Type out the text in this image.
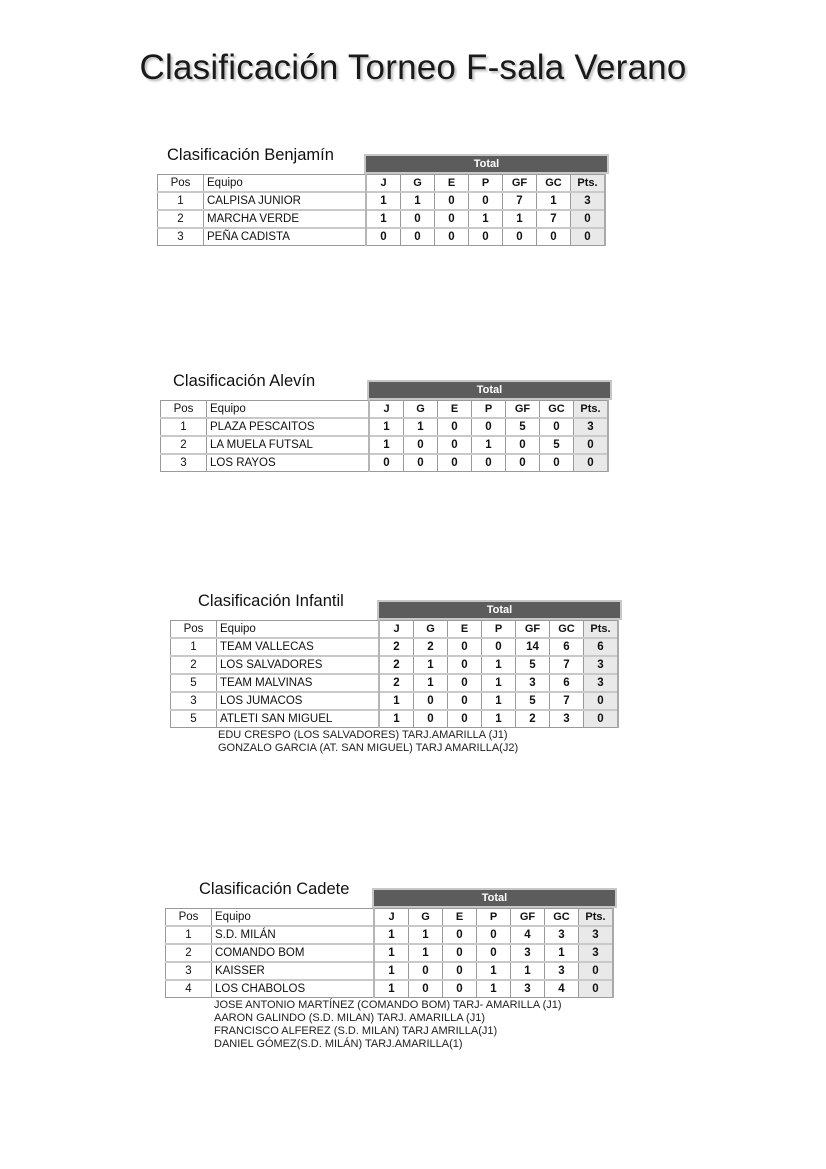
Clasificación Torneo F-sala Verano
Clasificación Benjamín	Total
Pos	Equipo	J	G	E	P	GF	GC	Pts.
1	CALPISA JUNIOR	1	1	0	0	7	1	3
2	MARCHA VERDE	1	0	0	1	1	7	0
3	PEÑA CADISTA	0	0	0	0	0	0	0
Clasificación Alevín	Total
Pos	Equipo	J	G	E	P	GF	GC	Pts.
1	PLAZA PESCAITOS	1	1	0	0	5	0	3
2	LA MUELA FUTSAL	1	0	0	1	0	5	0
3	LOS RAYOS	0	0	0	0	0	0	0
Clasificación Infantil	Total
Pos	Equipo	J	G	E	P	GF	GC	Pts.
1	TEAM VALLECAS	2	2	0	0	14	6	6
2	LOS SALVADORES	2	1	0	1	5	7	3
5	TEAM MALVINAS	2	1	0	1	3	6	3
3	LOS JUMACOS	1	0	0	1	5	7	0
5	ATLETI SAN MIGUEL	1	0	0	1	2	3	0
EDU CRESPO (LOS SALVADORES) TARJ.AMARILLA (J1)
GONZALO GARCIA (AT. SAN MIGUEL) TARJ AMARILLA(J2)
Clasificación Cadete	Total
Pos	Equipo	J	G	E	P	GF	GC	Pts.
1	S.D. MILÁN	1	1	0	0	4	3	3
2	COMANDO BOM	1	1	0	0	3	1	3
3	KAISSER	1	0	0	1	1	3	0
4	LOS CHABOLOS	1	0	0	1	3	4	0
JOSE ANTONIO MARTÍNEZ (COMANDO BOM) TARJ- AMARILLA (J1)
AARON GALINDO (S.D. MILAN) TARJ. AMARILLA (J1)
FRANCISCO ALFEREZ (S.D. MILAN) TARJ AMRILLA(J1)
DANIEL GÓMEZ(S.D. MILÁN) TARJ.AMARILLA(1)
